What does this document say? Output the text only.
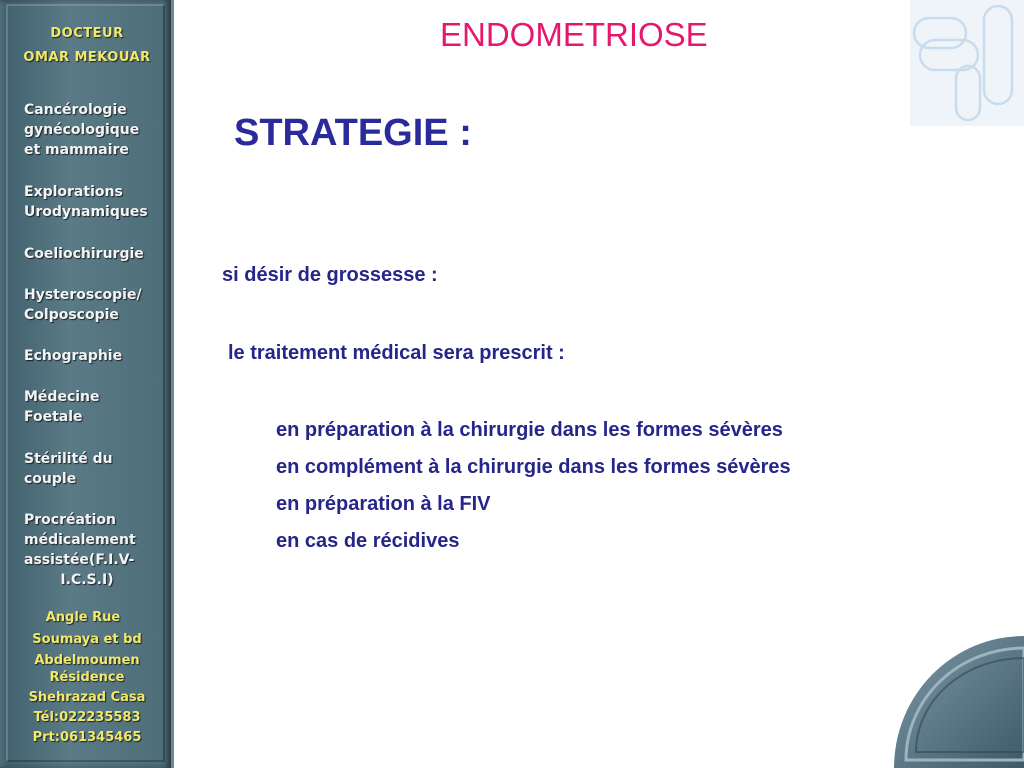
DOCTEUR

OMAR MEKOUAR

Cancérologie

gynécologique

et mammaire

Explorations

Urodynamiques

Coeliochirurgie

Hysteroscopie/

Colposcopie

Echographie

Médecine

Foetale

Stérilité du

couple

Procréation

médicalement

assistée(F.I.V-

I.C.S.I)

Angle Rue

Soumaya et bd

Abdelmoumen

Résidence

Shehrazad Casa

Tél:022235583

Prt:061345465

ENDOMETRIOSE
STRATEGIE :

si désir de grossesse :

le traitement médical sera prescrit :

en préparation à la chirurgie dans les formes sévères
en complément à la chirurgie dans les formes sévères
en préparation à la FIV
en cas de récidives
